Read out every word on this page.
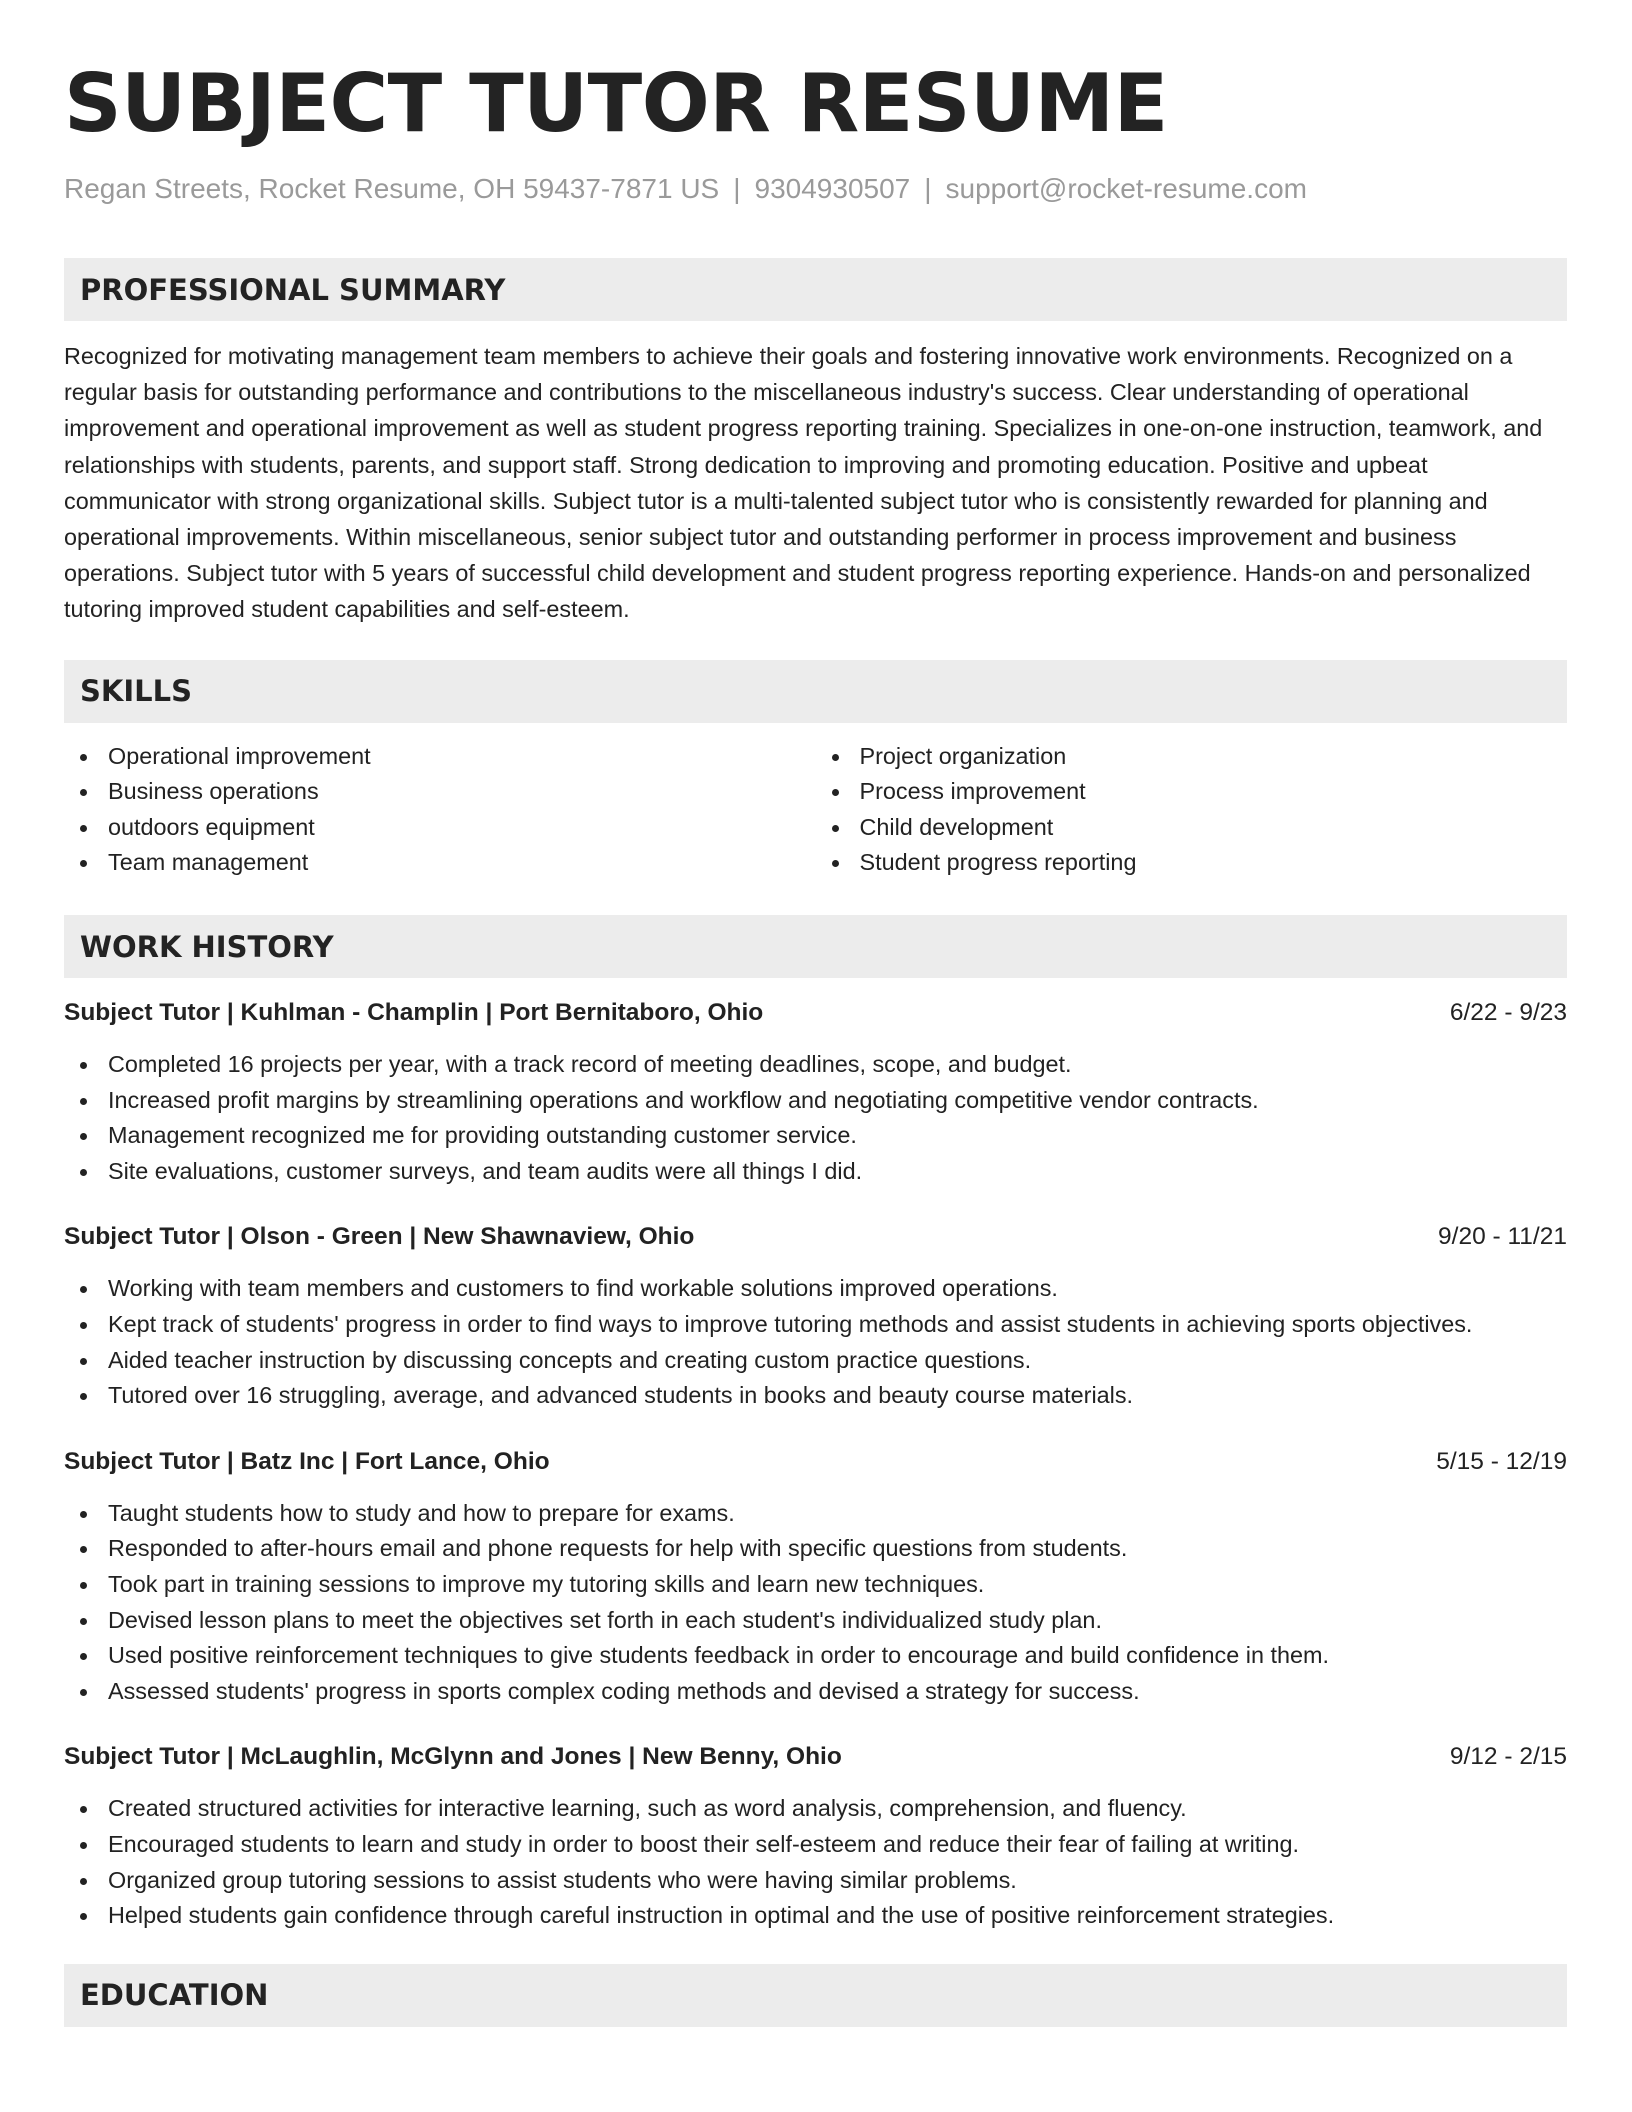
SUBJECT TUTOR RESUME
Regan Streets, Rocket Resume, OH 59437-7871 US | 9304930507 | support@rocket-resume.com
PROFESSIONAL SUMMARY

Recognized for motivating management team members to achieve their goals and fostering innovative work environments. Recognized on a regular basis for outstanding performance and contributions to the miscellaneous industry's success. Clear understanding of operational improvement and operational improvement as well as student progress reporting training. Specializes in one-on-one instruction, teamwork, and relationships with students, parents, and support staff. Strong dedication to improving and promoting education. Positive and upbeat communicator with strong organizational skills. Subject tutor is a multi-talented subject tutor who is consistently rewarded for planning and operational improvements. Within miscellaneous, senior subject tutor and outstanding performer in process improvement and business operations. Subject tutor with 5 years of successful child development and student progress reporting experience. Hands-on and personalized tutoring improved student capabilities and self-esteem.

SKILLS
Operational improvement
Business operations
outdoors equipment
Team management
Project organization
Process improvement
Child development
Student progress reporting
WORK HISTORY
Subject Tutor | Kuhlman - Champlin | Port Bernitaboro, Ohio	6/22 - 9/23
Completed 16 projects per year, with a track record of meeting deadlines, scope, and budget.
Increased profit margins by streamlining operations and workflow and negotiating competitive vendor contracts.
Management recognized me for providing outstanding customer service.
Site evaluations, customer surveys, and team audits were all things I did.
Subject Tutor | Olson - Green | New Shawnaview, Ohio	9/20 - 11/21
Working with team members and customers to find workable solutions improved operations.
Kept track of students' progress in order to find ways to improve tutoring methods and assist students in achieving sports objectives.
Aided teacher instruction by discussing concepts and creating custom practice questions.
Tutored over 16 struggling, average, and advanced students in books and beauty course materials.
Subject Tutor | Batz Inc | Fort Lance, Ohio	5/15 - 12/19
Taught students how to study and how to prepare for exams.
Responded to after-hours email and phone requests for help with specific questions from students.
Took part in training sessions to improve my tutoring skills and learn new techniques.
Devised lesson plans to meet the objectives set forth in each student's individualized study plan.
Used positive reinforcement techniques to give students feedback in order to encourage and build confidence in them.
Assessed students' progress in sports complex coding methods and devised a strategy for success.
Subject Tutor | McLaughlin, McGlynn and Jones | New Benny, Ohio	9/12 - 2/15
Created structured activities for interactive learning, such as word analysis, comprehension, and fluency.
Encouraged students to learn and study in order to boost their self-esteem and reduce their fear of failing at writing.
Organized group tutoring sessions to assist students who were having similar problems.
Helped students gain confidence through careful instruction in optimal and the use of positive reinforcement strategies.
EDUCATION
